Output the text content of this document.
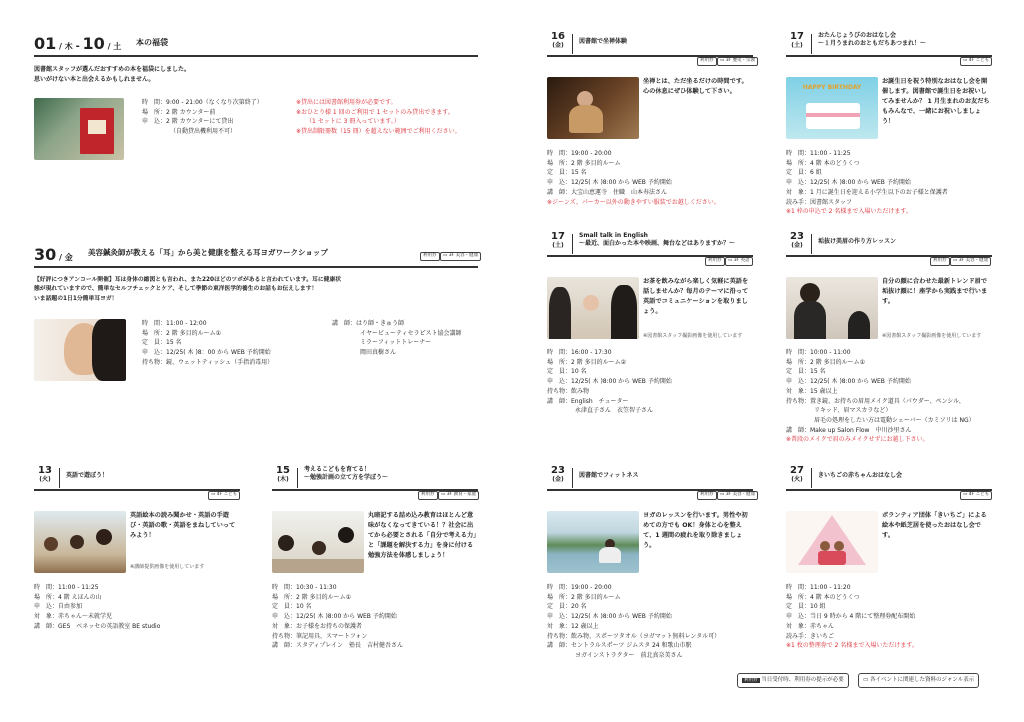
01 / 木 - 10 / 土 本の福袋
図書館スタッフが選んだおすすめの本を福袋にしました。
思いがけない本と出会えるかもしれません。
時　間：9:00 - 21:00（なくなり次第終了）
場　所：2 階 カウンター前
申　込：2 階 カウンターにて貸出
（自動貸出機利用不可）
※貸出には図書館利用券が必要です。
※おひとり様 1 回のご利用で 1 セットのみ貸出できます。
（1 セットに 3 冊入っています。）
※貸出制限冊数（15 冊）を超えない範囲でご利用ください。
30 / 金
美容鍼灸師が教える「耳」から美と健康を整える耳ヨガワークショップ	利用券	▭ 3F 美容・健康
【好評につきアンコール開催】耳は身体の縮図とも言われ、また220ほどのツボがあると言われています。耳に健康状
態が現れていますので、簡単なセルフチェックとケア、そして季節の東洋医学的養生のお話もお伝えします！
いま話題の1日1分簡単耳ヨガ！
時　間：11:00 - 12:00
場　所：2 階 多目的ルーム①
定　員：15 名
申　込：12/25( 木 )8：00 から WEB 予約開始
持ち物：鏡、ウェットティッシュ（手指消毒用）
講　師：はり師・きゅう師
イヤービューティセラピスト協会講師
ミラーフィットトレーナー
岡田真樹さん
13
(火)	英語で遊ぼう！
▭ 4F こども
英語絵本の読み聞かせ・英語の手遊び・英語の歌・英語をまねしていってみよう！
※講師提供画像を使用しています
時　間：11:00 - 11:25
場　所：4 階 えほんの山
申　込：自由参加
対　象：赤ちゃん～未就学児
講　師：GES　ベネッセの英語教室 BE studio
15
(木)
考えるこどもを育てる！
～勉強計画の立て方を学ぼう～
利用券	▭ 3F 教育・家庭
丸暗記する詰め込み教育はほとんど意味がなくなってきている！？社会に出てから必要とされる「自分で考える力」と「課題を解決する力」を身に付ける勉強方法を体感しましょう！
時　間：10:30 - 11:30
場　所：2 階 多目的ルーム①
定　員：10 名
申　込：12/25( 木 )8:00 から WEB 予約開始
対　象：お子様をお持ちの保護者
持ち物：筆記用具、スマートフォン
講　師：スタディプレイン　塾長　吉村健吾さん
16
(金)	図書館で坐禅体験
利用券	▭ 3F 歴史・宗教
坐禅とは、ただ坐るだけの時間です。心の休息にぜひ体験して下さい。
時　間：19:00 - 20:00
場　所：2 階 多目的ルーム
定　員：15 名
申　込：12/25( 木 )8:00 から WEB 予約開始
講　師：大宝山恵運寺　住職　山本寿法さん
※ジーンズ、パーカー以外の動きやすい服装でお越しください。
17
(土)
おたんじょうびのおはなし会
～１月うまれのおともだちあつまれ！～
▭ 4F こども
HAPPY BIRTHDAY
お誕生日を祝う特別なおはなし会を開催します。図書館で誕生日をお祝いしてみませんか？ 1 月生まれのお友だちもみんなで、一緒にお祝いしましょう！
時　間：11:00 - 11:25
場　所：4 階 本のどうくつ
定　員：6 組
申　込：12/25( 木 )8:00 から WEB 予約開始
対　象：1 月に誕生日を迎える小学生以下のお子様と保護者
読み手：図書館スタッフ
※1 枠の申込で 2 名様まで入場いただけます。
17
(土)
Small talk in English
～最近、面白かった本や映画、舞台などはありますか？～
利用券	▭ 3F 英語
お茶を飲みながら楽しく気軽に英語を話しませんか？毎月のテーマに沿って英語でコミュニケーションを取りましょう。
※図書館スタッフ撮影画像を使用しています
時　間：16:00 - 17:30
場　所：2 階 多目的ルーム②
定　員：10 名
申　込：12/25( 木 )8:00 から WEB 予約開始
持ち物：飲み物
講　師：English　チューター
永津直子さん　衣笠智子さん
23
(金)	垢抜け美眉の作り方レッスン
利用券	▭ 3F 美容・健康
自分の顔に合わせた最新トレンド眉で垢抜け顔に！座学から実践まで行います。
※図書館スタッフ撮影画像を使用しています
時　間：10:00 - 11:00
場　所：2 階 多目的ルーム①
定　員：15 名
申　込：12/25( 木 )8:00 から WEB 予約開始
対　象：15 歳以上
持ち物：置き鏡、お持ちの眉用メイク道具（パウダー、ペンシル、
リキッド、眉マスカラなど）
眉毛の処理をしたい方は電動シェーバー（カミソリは NG）
講　師：Make up Salon Flow　中川沙里さん
※普段のメイクで眉のみメイクせずにお越し下さい。
23
(金)	図書館でフィットネス
利用券	▭ 3F 美容・健康
ヨガのレッスンを行います。男性や初めての方でも OK！身体と心を整えて、1 週間の疲れを取り除きましょう。
時　間：19:00 - 20:00
場　所：2 階 多目的ルーム
定　員：20 名
申　込：12/25( 木 )8:00 から WEB 予約開始
対　象：12 歳以上
持ち物：飲み物、スポーツタオル（ヨガマット無料レンタル可）
講　師：セントラルスポーツ ジムスタ 24 和歌山市駅
ヨガインストラクター　前北真奈美さん
27
(火)	きいちごの赤ちゃんおはなし会
▭ 4F こども
ボランティア団体「きいちご」による絵本や紙芝居を使ったおはなし会です。
時　間：11:00 - 11:20
場　所：4 階 本のどうくつ
定　員：10 組
申　込：当日 9 時から 4 階にて整理券配布開始
対　象：赤ちゃん
読み手：きいちご
※1 枚の整理券で 2 名様まで入場いただけます。
利用券 当日受付時、利用券の提示が必要	▭ 各イベントに関連した資料のジャンル表示
